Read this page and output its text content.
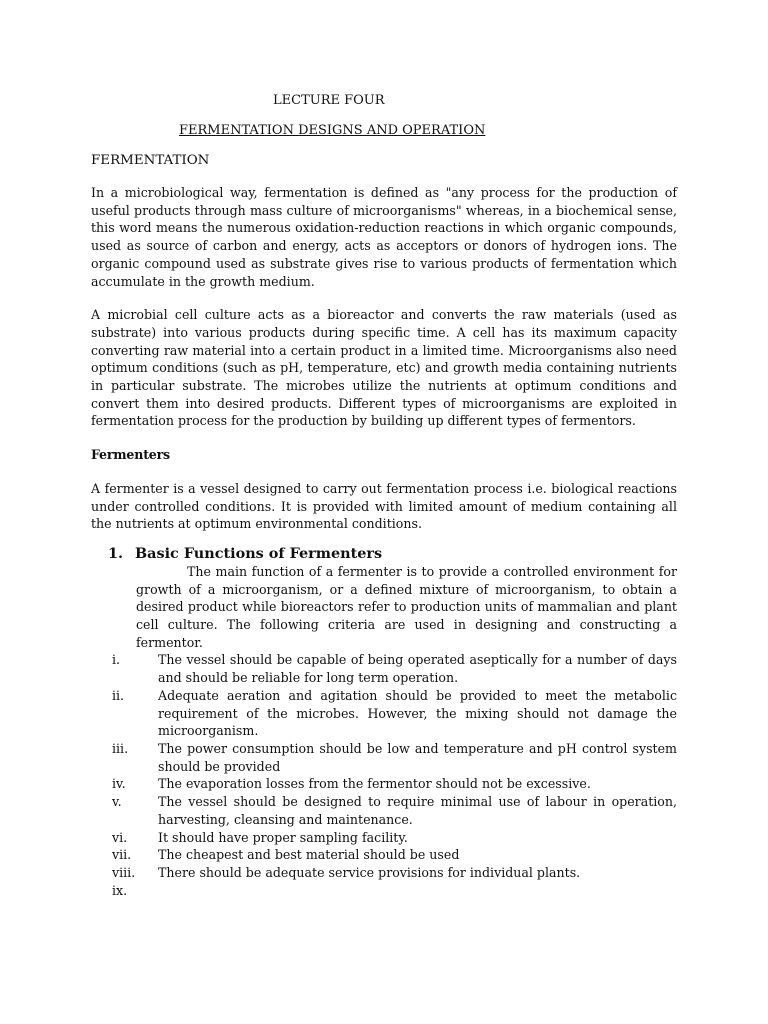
LECTURE FOUR
FERMENTATION DESIGNS AND OPERATION
FERMENTATION

In a microbiological way, fermentation is defined as "any process for the production of useful products through mass culture of microorganisms" whereas, in a biochemical sense, this word means the numerous oxidation-reduction reactions in which organic compounds, used as source of carbon and energy, acts as acceptors or donors of hydrogen ions. The organic compound used as substrate gives rise to various products of fermentation which accumulate in the growth medium.

A microbial cell culture acts as a bioreactor and converts the raw materials (used as substrate) into various products during specific time. A cell has its maximum capacity converting raw material into a certain product in a limited time. Microorganisms also need optimum conditions (such as pH, temperature, etc) and growth media containing nutrients in particular substrate. The microbes utilize the nutrients at optimum conditions and convert them into desired products. Different types of microorganisms are exploited in fermentation process for the production by building up different types of fermentors.

Fermenters

A fermenter is a vessel designed to carry out fermentation process i.e. biological reactions under controlled conditions. It is provided with limited amount of medium containing all the nutrients at optimum environmental conditions.

1. Basic Functions of Fermenters
The main function of a fermenter is to provide a controlled environment for growth of a microorganism, or a defined mixture of microorganism, to obtain a desired product while bioreactors refer to production units of mammalian and plant cell culture. The following criteria are used in designing and constructing a fermentor.
i.	The vessel should be capable of being operated aseptically for a number of days and should be reliable for long term operation.
ii.	Adequate aeration and agitation should be provided to meet the metabolic requirement of the microbes. However, the mixing should not damage the microorganism.
iii. The power consumption should be low and temperature and pH control system should be provided
iv.	The evaporation losses from the fermentor should not be excessive.
v.	The vessel should be designed to require minimal use of labour in operation, harvesting, cleansing and maintenance.
vi. It should have proper sampling facility.
vii. The cheapest and best material should be used
viii. There should be adequate service provisions for individual plants.
ix.
